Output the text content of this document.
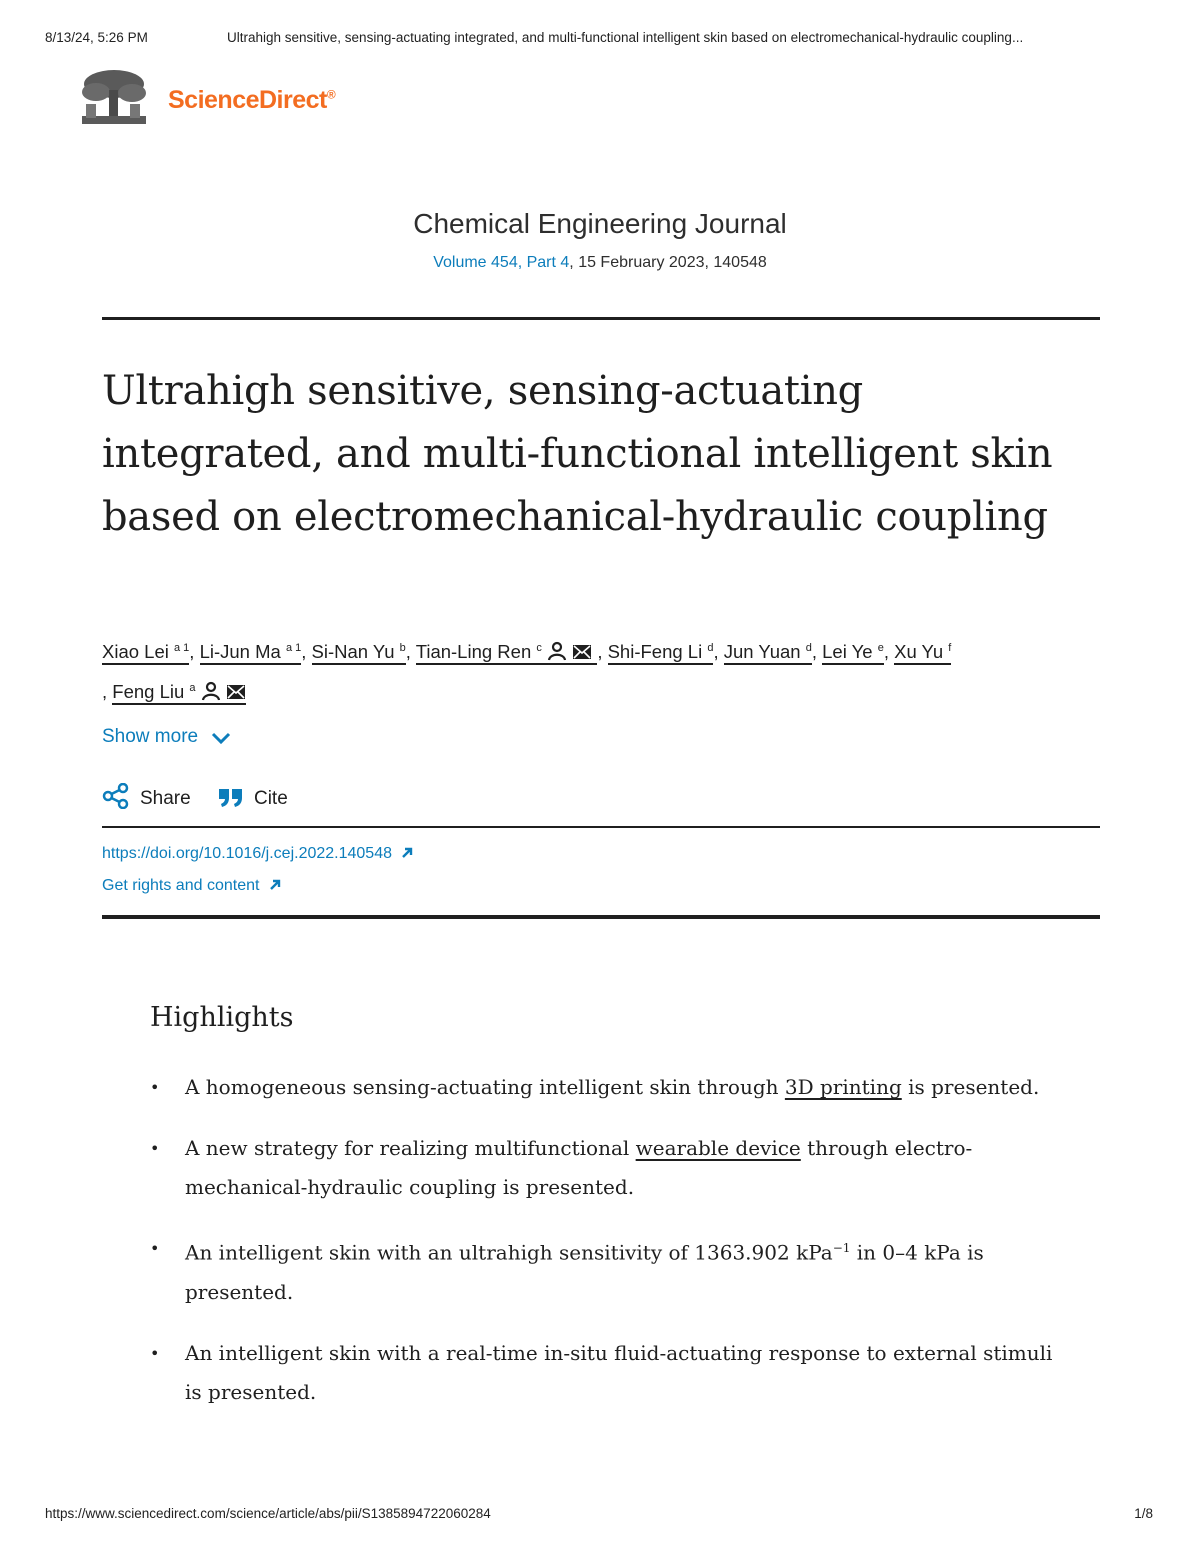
8/13/24, 5:26 PM	Ultrahigh sensitive, sensing-actuating integrated, and multi-functional intelligent skin based on electromechanical-hydraulic coupling...
ScienceDirect®
Chemical Engineering Journal
Volume 454, Part 4, 15 February 2023, 140548
Ultrahigh sensitive, sensing-actuating integrated, and multi-functional intelligent skin based on electromechanical-hydraulic coupling
Xiao Lei $^{a 1}$, Li-Jun Ma $^{a 1}$, Si-Nan Yu $^b$, Tian-Ling Ren $^c$	, Shi-Feng Li $^d$, Jun Yuan $^d$, Lei Ye $^e$, Xu Yu $^f$
, Feng Liu $^a$
Show more
Share	Cite
https://doi.org/10.1016/j.cej.2022.140548
Get rights and content
Highlights
• A homogeneous sensing-actuating intelligent skin through 3D printing is presented.
• A new strategy for realizing multifunctional wearable device through electro-mechanical-hydraulic coupling is presented.
• An intelligent skin with an ultrahigh sensitivity of 1363.902 kPa$^{-1}$ in 0–4 kPa is presented.
• An intelligent skin with a real-time in-situ fluid-actuating response to external stimuli is presented.
https://www.sciencedirect.com/science/article/abs/pii/S1385894722060284	1/8
